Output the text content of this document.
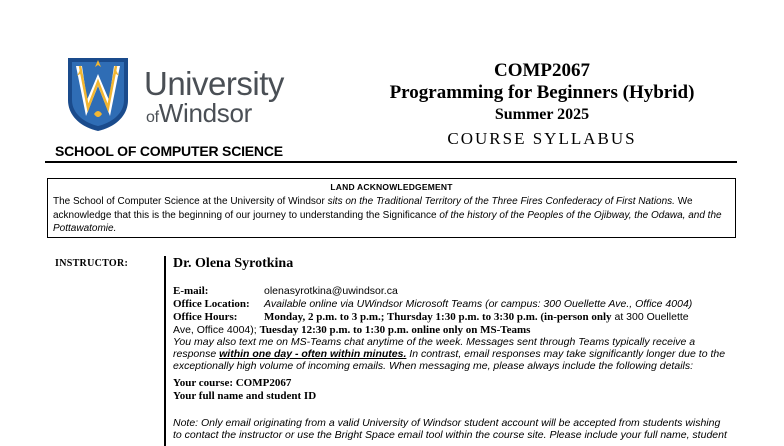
University
ofWindsor
SCHOOL OF COMPUTER SCIENCE
COMP2067
Programming for Beginners (Hybrid)
Summer 2025
COURSE SYLLABUS
LAND ACKNOWLEDGEMENT
The School of Computer Science at the University of Windsor sits on the Traditional Territory of the Three Fires Confederacy of First Nations. We acknowledge that this is the beginning of our journey to understanding the Significance of the history of the Peoples of the Ojibway, the Odawa, and the Pottawatomie.
INSTRUCTOR:	Dr. Olena Syrotkina
E-mail:	olenasyrotkina@uwindsor.ca
Office Location: Available online via UWindsor Microsoft Teams (or campus: 300 Ouellette Ave., Office 4004)
Office Hours: Monday, 2 p.m. to 3 p.m.; Thursday 1:30 p.m. to 3:30 p.m. (in-person only at 300 Ouellette
Ave, Office 4004); Tuesday 12:30 p.m. to 1:30 p.m. online only on MS-Teams
You may also text me on MS-Teams chat anytime of the week. Messages sent through Teams typically receive a
response within one day - often within minutes. In contrast, email responses may take significantly longer due to the
exceptionally high volume of incoming emails. When messaging me, please always include the following details:
Your course: COMP2067
Your full name and student ID
Note: Only email originating from a valid University of Windsor student account will be accepted from students wishing
to contact the instructor or use the Bright Space email tool within the course site. Please include your full name, student
